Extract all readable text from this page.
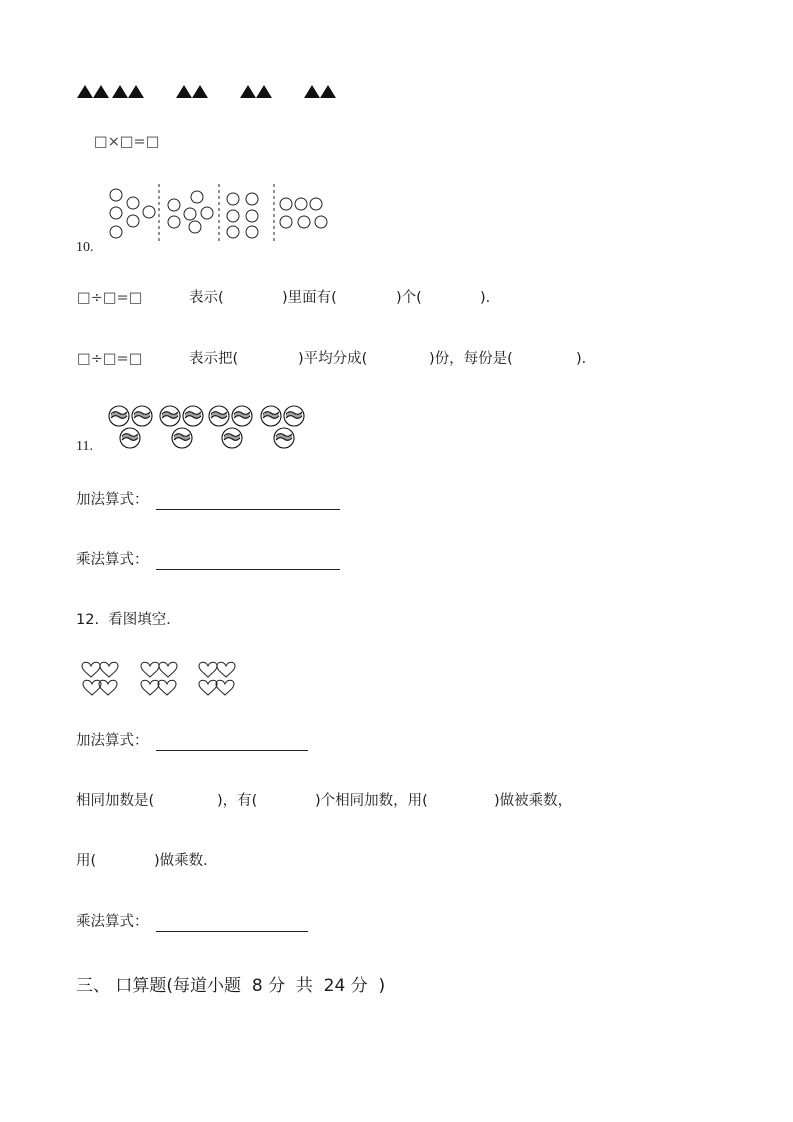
□×□=□
10.
□÷□=□	表示(	)里面有(	)个(	)．
□÷□=□	表示把(	)平均分成(	)份，每份是(	)．
11.
加法算式：
乘法算式：
12.  看图填空．
加法算式：
相同加数是(	)，有(	)个相同加数，用(	)做被乘数，
用(	)做乘数．
乘法算式：
三、 口算题(每道小题  8 分  共  24 分  )
